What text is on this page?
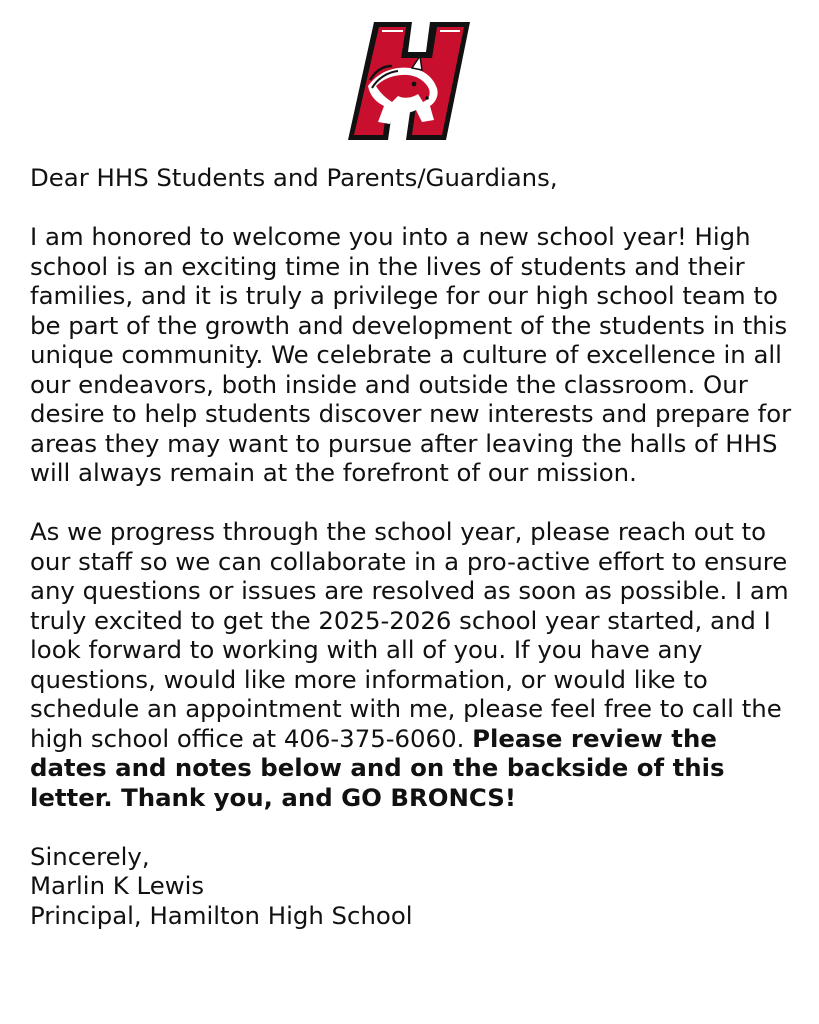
Dear HHS Students and Parents/Guardians,

I am honored to welcome you into a new school year! High school is an exciting time in the lives of students and their families, and it is truly a privilege for our high school team to be part of the growth and development of the students in this unique community. We celebrate a culture of excellence in all our endeavors, both inside and outside the classroom. Our desire to help students discover new interests and prepare for areas they may want to pursue after leaving the halls of HHS will always remain at the forefront of our mission.

As we progress through the school year, please reach out to our staff so we can collaborate in a pro-active effort to ensure any questions or issues are resolved as soon as possible. I am truly excited to get the 2025-2026 school year started, and I look forward to working with all of you. If you have any questions, would like more information, or would like to schedule an appointment with me, please feel free to call the high school office at 406-375-6060. Please review the dates and notes below and on the backside of this letter. Thank you, and GO BRONCS!

Sincerely,
Marlin K Lewis
Principal, Hamilton High School
